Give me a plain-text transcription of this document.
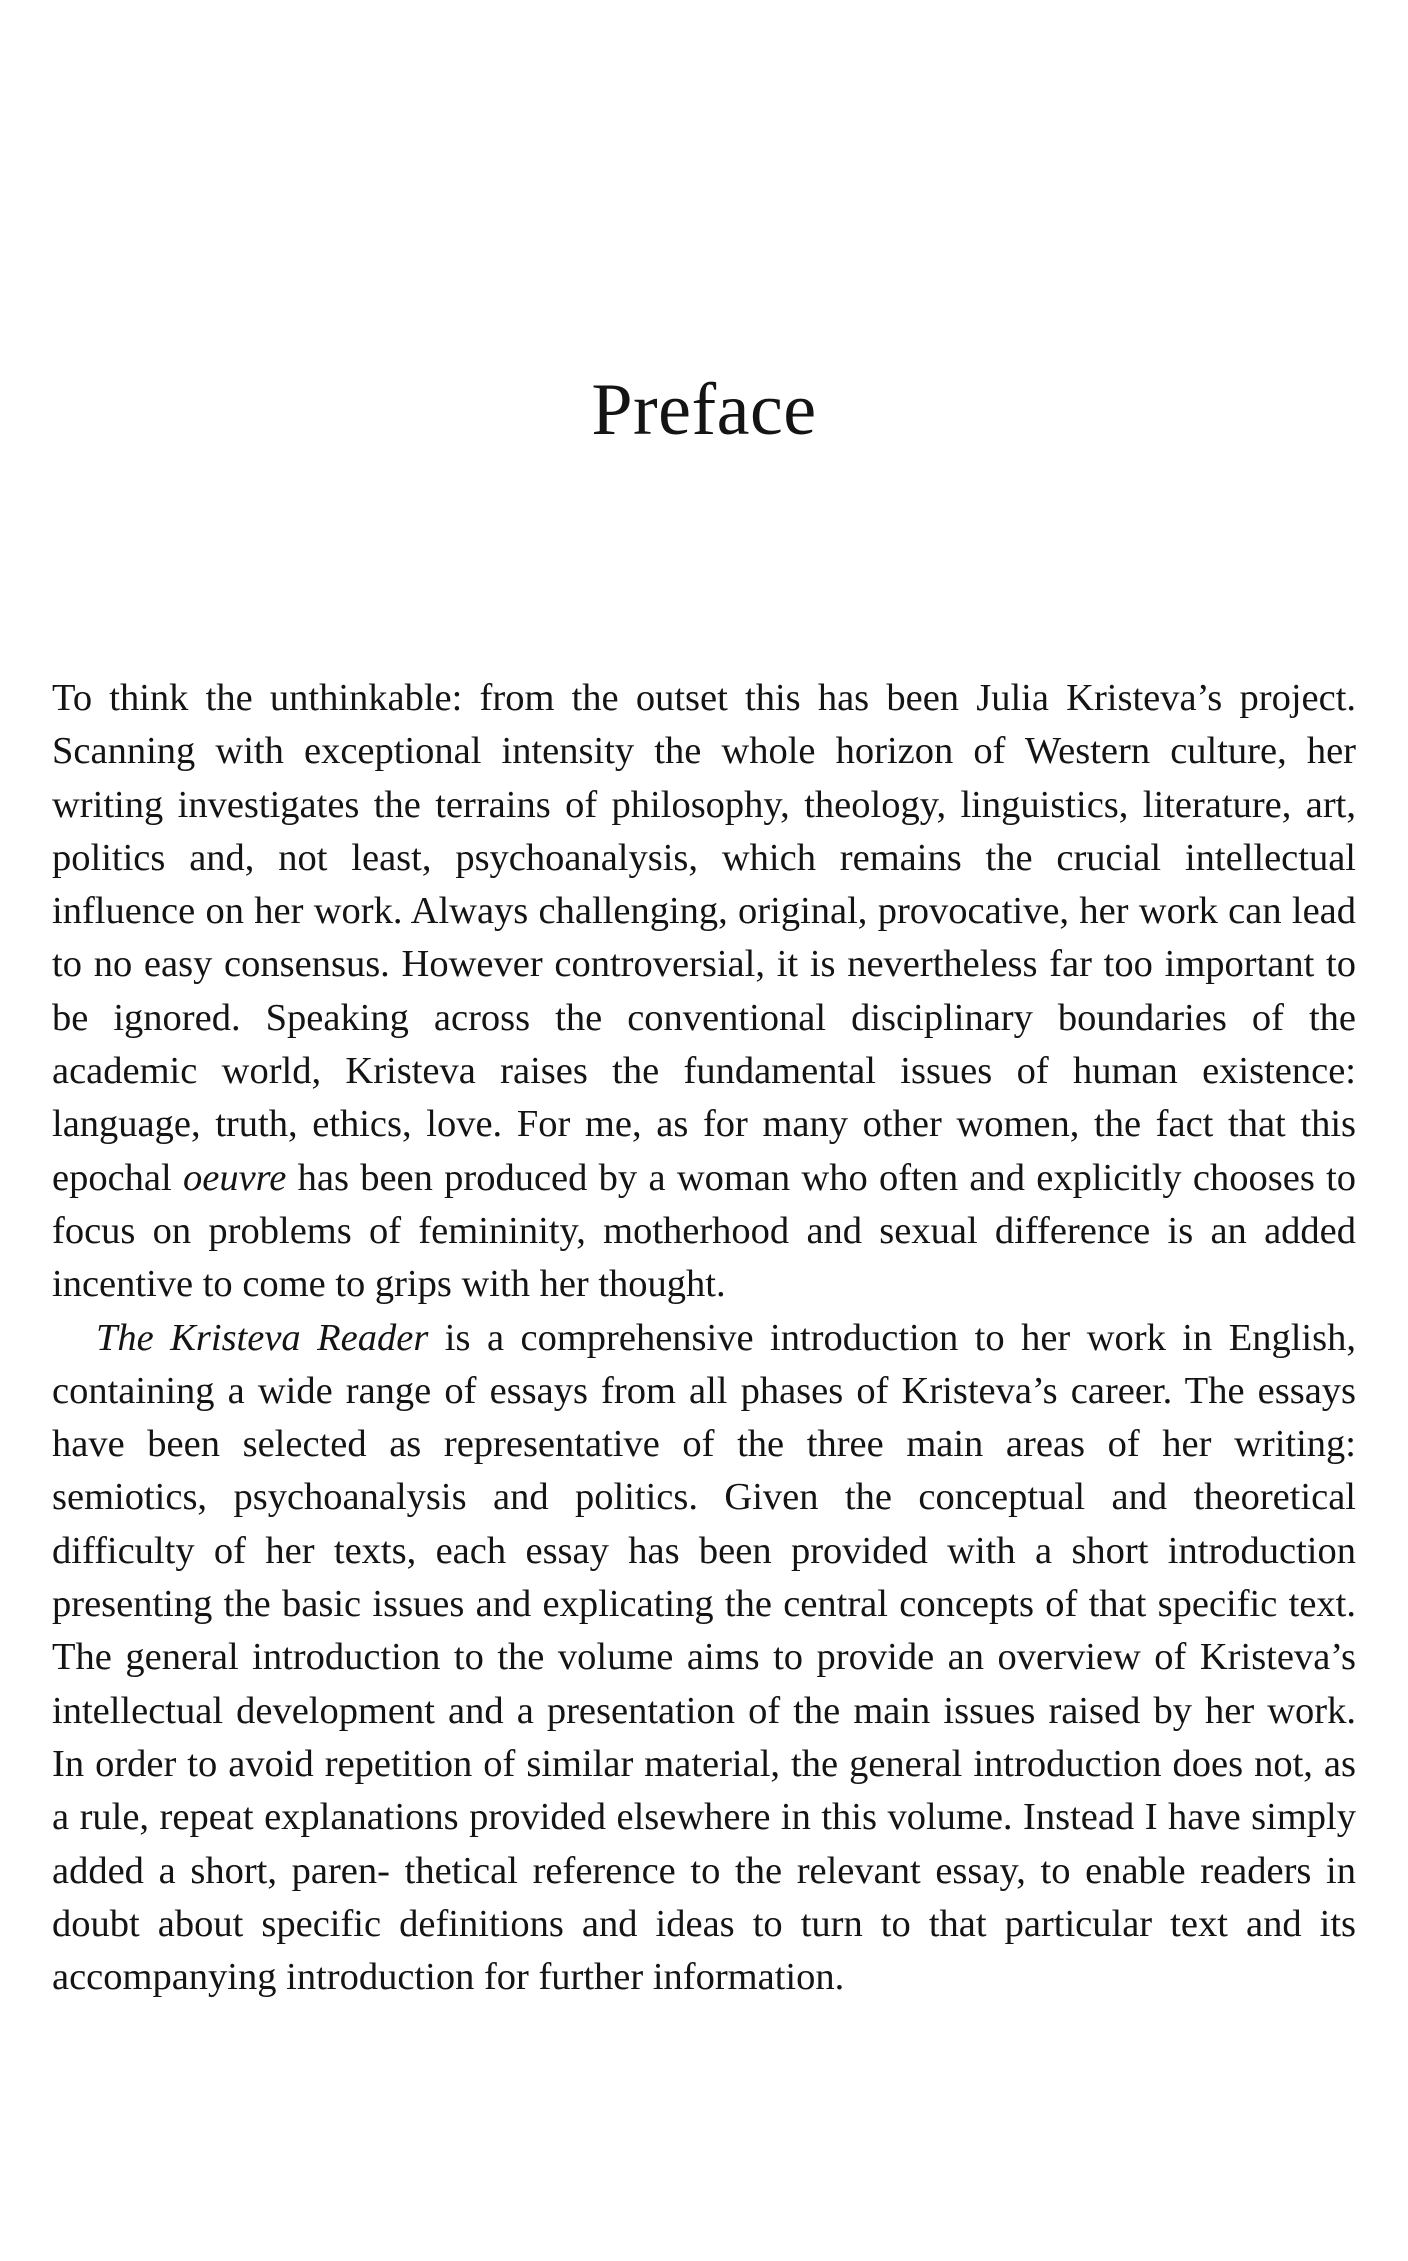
Preface

To think the unthinkable: from the outset this has been Julia Kristeva’s project. Scanning with exceptional intensity the whole horizon of Western culture, her writing investigates the terrains of philosophy, theology, linguistics, literature, art, politics and, not least, psychoanalysis, which remains the crucial intellectual influence on her work. Always challenging, original, provocative, her work can lead to no easy consensus. However controversial, it is nevertheless far too important to be ignored. Speaking across the conventional disciplinary boundaries of the academic world, Kristeva raises the fundamental issues of human existence: language, truth, ethics, love. For me, as for many other women, the fact that this epochal oeuvre has been produced by a woman who often and explicitly chooses to focus on problems of femininity, motherhood and sexual difference is an added incentive to come to grips with her thought.

The Kristeva Reader is a comprehensive introduction to her work in English, containing a wide range of essays from all phases of Kristeva’s career. The essays have been selected as representative of the three main areas of her writing: semiotics, psychoanalysis and politics. Given the conceptual and theoretical difficulty of her texts, each essay has been provided with a short introduction presenting the basic issues and explicating the central concepts of that specific text. The general introduction to the volume aims to provide an overview of Kristeva’s intellectual development and a presentation of the main issues raised by her work. In order to avoid repetition of similar material, the general introduction does not, as a rule, repeat explanations provided elsewhere in this volume. Instead I have simply added a short, paren- thetical reference to the relevant essay, to enable readers in doubt about specific definitions and ideas to turn to that particular text and its accompanying introduction for further information.
